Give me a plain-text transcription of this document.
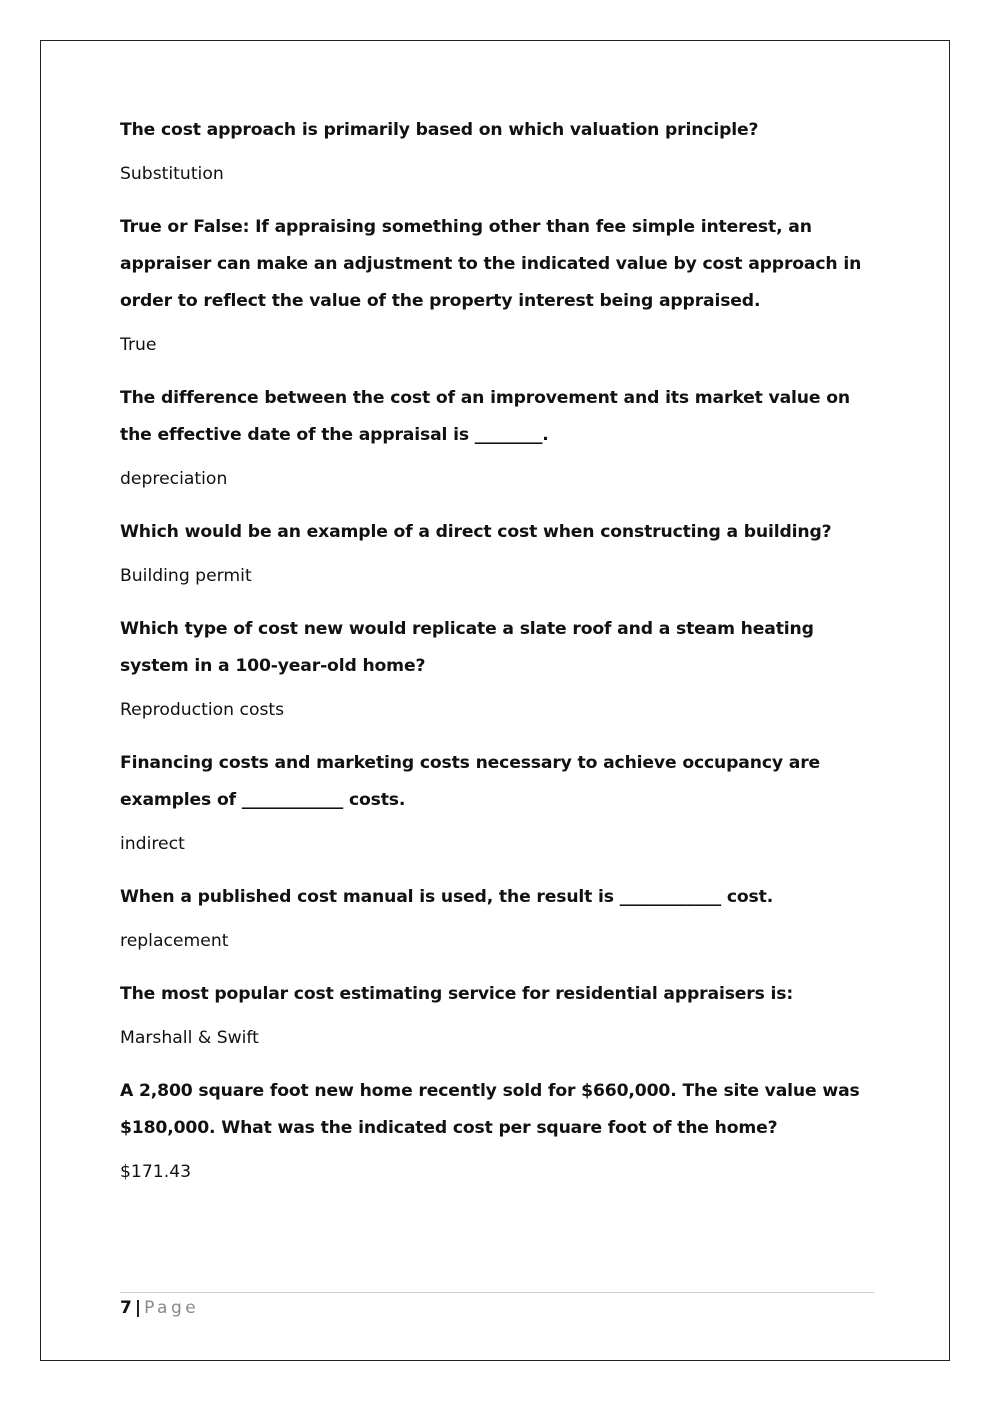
The cost approach is primarily based on which valuation principle?

Substitution

True or False: If appraising something other than fee simple interest, an appraiser can make an adjustment to the indicated value by cost approach in order to reflect the value of the property interest being appraised.

True

The difference between the cost of an improvement and its market value on the effective date of the appraisal is ________.

depreciation

Which would be an example of a direct cost when constructing a building?

Building permit

Which type of cost new would replicate a slate roof and a steam heating system in a 100-year-old home?

Reproduction costs

Financing costs and marketing costs necessary to achieve occupancy are examples of ____________ costs.

indirect

When a published cost manual is used, the result is ____________ cost.

replacement

The most popular cost estimating service for residential appraisers is:

Marshall & Swift

A 2,800 square foot new home recently sold for $660,000. The site value was $180,000. What was the indicated cost per square foot of the home?

$171.43

7 | Page
